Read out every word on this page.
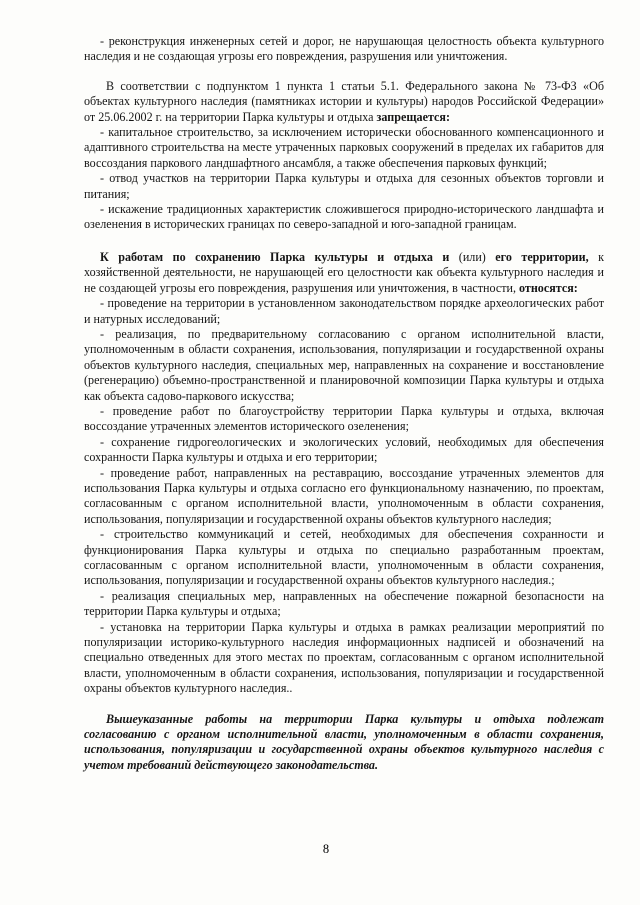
- реконструкция инженерных сетей и дорог, не нарушающая целостность объекта культурного наследия и не создающая угрозы его повреждения, разрушения или уничтожения.

В соответствии с подпунктом 1 пункта 1 статьи 5.1. Федерального закона № 73-ФЗ «Об объектах культурного наследия (памятниках истории и культуры) народов Российской Федерации» от 25.06.2002 г. на территории Парка культуры и отдыха запрещается:

- капитальное строительство, за исключением исторически обоснованного компенсационного и адаптивного строительства на месте утраченных парковых сооружений в пределах их габаритов для воссоздания паркового ландшафтного ансамбля, а также обеспечения парковых функций;

- отвод участков на территории Парка культуры и отдыха для сезонных объектов торговли и питания;

- искажение традиционных характеристик сложившегося природно-исторического ландшафта и озеленения в исторических границах по северо-западной и юго-западной границам.

К работам по сохранению Парка культуры и отдыха и (или) его территории, к хозяйственной деятельности, не нарушающей его целостности как объекта культурного наследия и не создающей угрозы его повреждения, разрушения или уничтожения, в частности, относятся:

- проведение на территории в установленном законодательством порядке археологических работ и натурных исследований;

- реализация, по предварительному согласованию с органом исполнительной власти, уполномоченным в области сохранения, использования, популяризации и государственной охраны объектов культурного наследия, специальных мер, направленных на сохранение и восстановление (регенерацию) объемно-пространственной и планировочной композиции Парка культуры и отдыха как объекта садово-паркового искусства;

- проведение работ по благоустройству территории Парка культуры и отдыха, включая воссоздание утраченных элементов исторического озеленения;

- сохранение гидрогеологических и экологических условий, необходимых для обеспечения сохранности Парка культуры и отдыха и его территории;

- проведение работ, направленных на реставрацию, воссоздание утраченных элементов для использования Парка культуры и отдыха согласно его функциональному назначению, по проектам, согласованным с органом исполнительной власти, уполномоченным в области сохранения, использования, популяризации и государственной охраны объектов культурного наследия;

- строительство коммуникаций и сетей, необходимых для обеспечения сохранности и функционирования Парка культуры и отдыха по специально разработанным проектам, согласованным с органом исполнительной власти, уполномоченным в области сохранения, использования, популяризации и государственной охраны объектов культурного наследия.;

- реализация специальных мер, направленных на обеспечение пожарной безопасности на территории Парка культуры и отдыха;

- установка на территории Парка культуры и отдыха в рамках реализации мероприятий по популяризации историко-культурного наследия информационных надписей и обозначений на специально отведенных для этого местах по проектам, согласованным с органом исполнительной власти, уполномоченным в области сохранения, использования, популяризации и государственной охраны объектов культурного наследия..

Вышеуказанные работы на территории Парка культуры и отдыха подлежат согласованию с органом исполнительной власти, уполномоченным в области сохранения, использования, популяризации и государственной охраны объектов культурного наследия с учетом требований действующего законодательства.

8
